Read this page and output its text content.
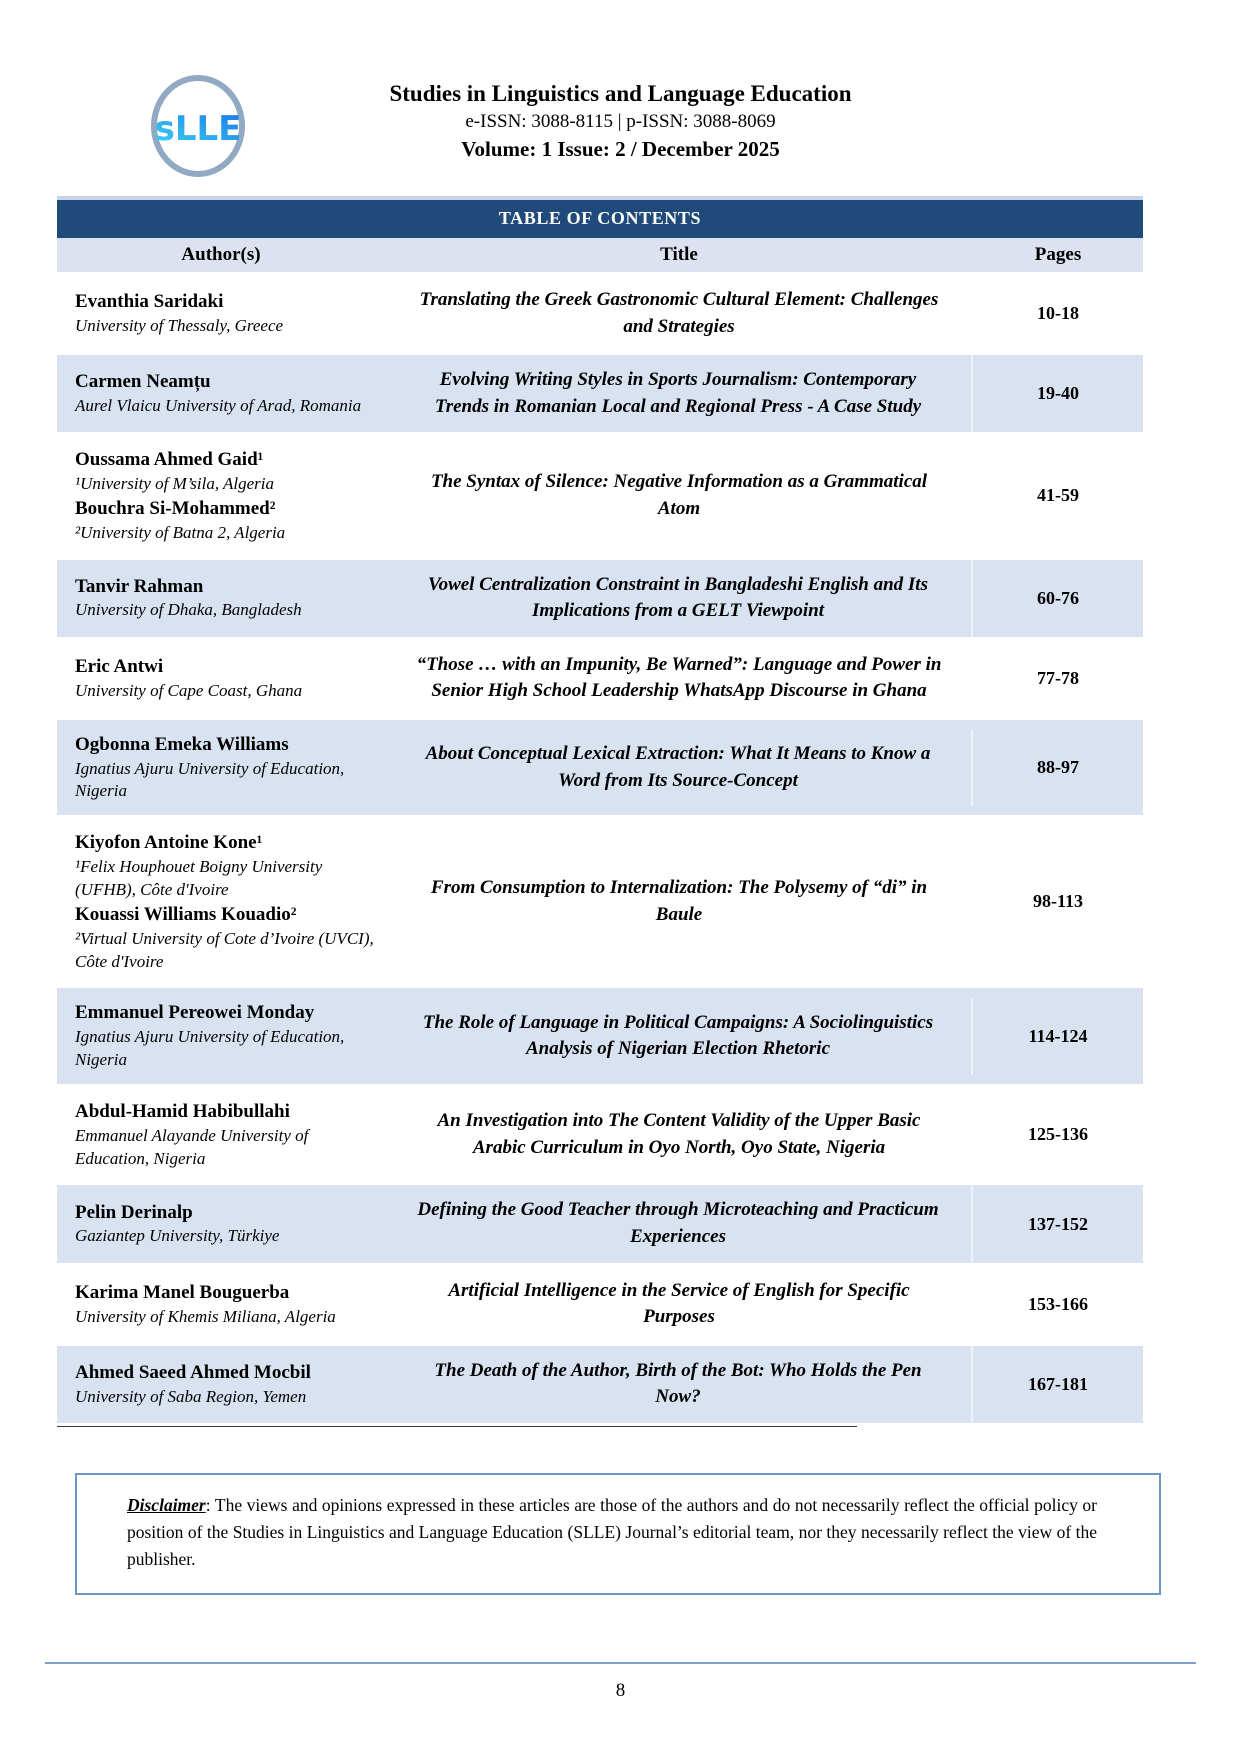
sLLE
Studies in Linguistics and Language Education
e-ISSN: 3088-8115 | p-ISSN: 3088-8069
Volume: 1 Issue: 2 / December 2025
TABLE OF CONTENTS
Author(s)	Title	Pages
Evanthia Saridaki
University of Thessaly, Greece
Translating the Greek Gastronomic Cultural Element: Challenges and Strategies
10-18
Carmen Neamțu
Aurel Vlaicu University of Arad, Romania
Evolving Writing Styles in Sports Journalism: Contemporary Trends in Romanian Local and Regional Press - A Case Study
19-40
Oussama Ahmed Gaid¹
¹University of M’sila, Algeria
Bouchra Si-Mohammed²
²University of Batna 2, Algeria
The Syntax of Silence: Negative Information as a Grammatical Atom
41-59
Tanvir Rahman
University of Dhaka, Bangladesh
Vowel Centralization Constraint in Bangladeshi English and Its Implications from a GELT Viewpoint
60-76
Eric Antwi
University of Cape Coast, Ghana
“Those … with an Impunity, Be Warned”: Language and Power in Senior High School Leadership WhatsApp Discourse in Ghana
77-78
Ogbonna Emeka Williams
Ignatius Ajuru University of Education, Nigeria
About Conceptual Lexical Extraction: What It Means to Know a Word from Its Source-Concept
88-97
Kiyofon Antoine Kone¹
¹Felix Houphouet Boigny University (UFHB), Côte d'Ivoire
Kouassi Williams Kouadio²
²Virtual University of Cote d’Ivoire (UVCI), Côte d'Ivoire
From Consumption to Internalization: The Polysemy of “di” in Baule
98-113
Emmanuel Pereowei Monday
Ignatius Ajuru University of Education, Nigeria
The Role of Language in Political Campaigns: A Sociolinguistics Analysis of Nigerian Election Rhetoric
114-124
Abdul-Hamid Habibullahi
Emmanuel Alayande University of Education, Nigeria
An Investigation into The Content Validity of the Upper Basic Arabic Curriculum in Oyo North, Oyo State, Nigeria
125-136
Pelin Derinalp
Gaziantep University, Türkiye
Defining the Good Teacher through Microteaching and Practicum Experiences
137-152
Karima Manel Bouguerba
University of Khemis Miliana, Algeria
Artificial Intelligence in the Service of English for Specific Purposes
153-166
Ahmed Saeed Ahmed Mocbil
University of Saba Region, Yemen
The Death of the Author, Birth of the Bot: Who Holds the Pen Now?
167-181
Disclaimer: The views and opinions expressed in these articles are those of the authors and do not necessarily reflect the official policy or position of the Studies in Linguistics and Language Education (SLLE) Journal’s editorial team, nor they necessarily reflect the view of the publisher.
8
